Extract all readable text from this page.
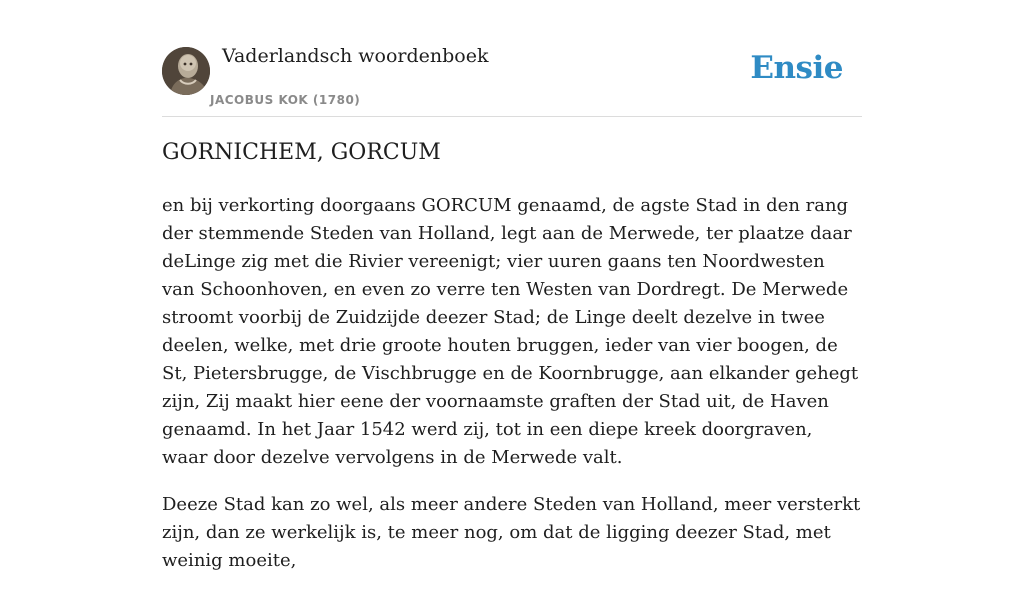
Vaderlandsch woordenboek
JACOBUS KOK (1780)
Ensie
GORNICHEM, GORCUM

en bij verkorting doorgaans GORCUM genaamd, de agste Stad in den rang der stemmende Steden van Holland, legt aan de Merwede, ter plaatze daar deLinge zig met die Rivier vereenigt; vier uuren gaans ten Noordwesten van Schoonhoven, en even zo verre ten Westen van Dordregt. De Merwede stroomt voorbij de Zuidzijde deezer Stad; de Linge deelt dezelve in twee deelen, welke, met drie groote houten bruggen, ieder van vier boogen, de St, Pietersbrugge, de Vischbrugge en de Koornbrugge, aan elkander gehegt zijn, Zij maakt hier eene der voornaamste graften der Stad uit, de Haven genaamd. In het Jaar 1542 werd zij, tot in een diepe kreek doorgraven, waar door dezelve vervolgens in de Merwede valt.

Deeze Stad kan zo wel, als meer andere Steden van Holland, meer versterkt zijn, dan ze werkelijk is, te meer nog, om dat de ligging deezer Stad, met weinig moeite,
